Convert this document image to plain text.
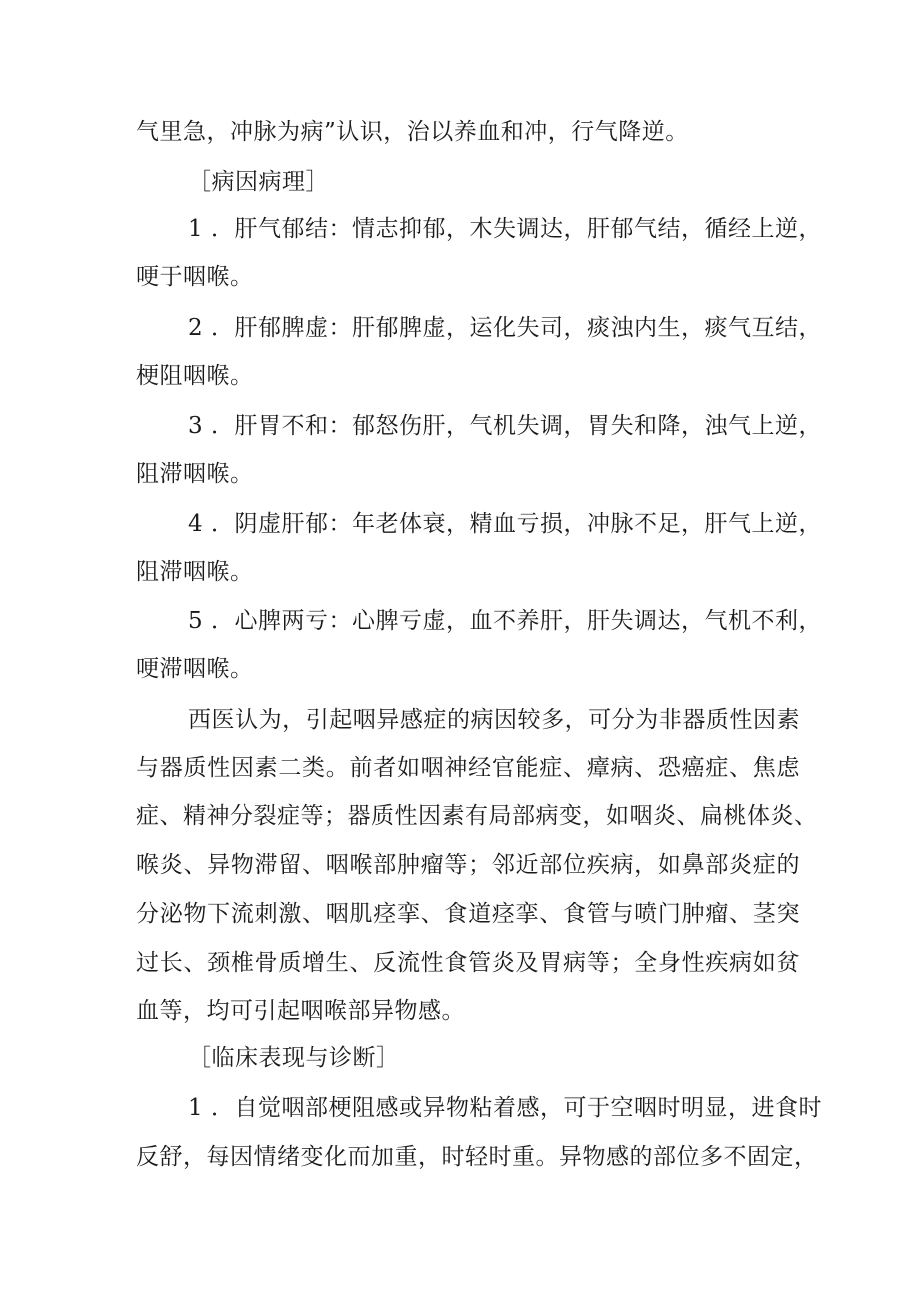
气里急，冲脉为病”认识，治以养血和冲，行气降逆。
［病因病理］
1 ．肝气郁结：情志抑郁，木失调达，肝郁气结，循经上逆，
哽于咽喉。
2 ．肝郁脾虚：肝郁脾虚，运化失司，痰浊内生，痰气互结，
梗阻咽喉。
3 ．肝胃不和：郁怒伤肝，气机失调，胃失和降，浊气上逆，
阻滞咽喉。
4 ．阴虚肝郁：年老体衰，精血亏损，冲脉不足，肝气上逆，
阻滞咽喉。
5 ．心脾两亏：心脾亏虚，血不养肝，肝失调达，气机不利，
哽滞咽喉。
西医认为，引起咽异感症的病因较多，可分为非器质性因素
与器质性因素二类。前者如咽神经官能症、瘴病、恐癌症、焦虑
症、精神分裂症等；器质性因素有局部病变，如咽炎、扁桃体炎、
喉炎、异物滞留、咽喉部肿瘤等；邻近部位疾病，如鼻部炎症的
分泌物下流刺激、咽肌痉挛、食道痉挛、食管与喷门肿瘤、茎突
过长、颈椎骨质增生、反流性食管炎及胃病等；全身性疾病如贫
血等，均可引起咽喉部异物感。
［临床表现与诊断］
1 ．自觉咽部梗阻感或异物粘着感，可于空咽时明显，进食时
反舒，每因情绪变化而加重，时轻时重。异物感的部位多不固定，
